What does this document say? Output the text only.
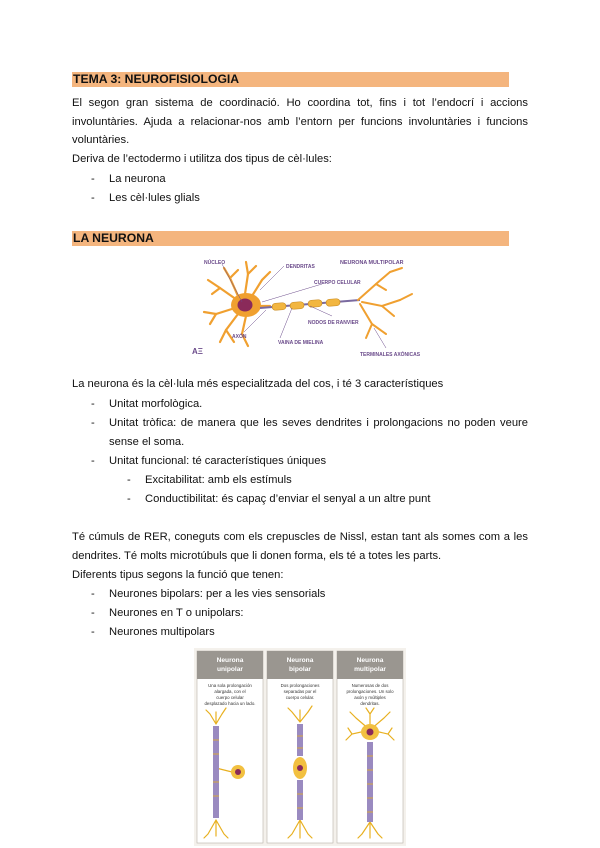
TEMA 3: NEUROFISIOLOGIA
El segon gran sistema de coordinació. Ho coordina tot, fins i tot l’endocrí i accions involuntàries. Ajuda a relacionar-nos amb l’entorn per funcions involuntàries i funcions voluntàries.
Deriva de l’ectodermo i utilitza dos tipus de cèl·lules:
- La neurona
- Les cèl·lules glials
LA NEURONA
NÚCLEO
DENDRITAS
NEURONA MULTIPOLAR
CUERPO CELULAR
NODOS DE RANVIER
AXÓN
VAINA DE MIELINA
TERMINALES AXÓNICAS
AΞ
La neurona és la cèl·lula més especialitzada del cos, i té 3 característiques
- Unitat morfològica.
- Unitat tròfica: de manera que les seves dendrites i prolongacions no poden veure
sense el soma.
- Unitat funcional: té característiques úniques
- Excitabilitat: amb els estímuls
- Conductibilitat: és capaç d’enviar el senyal a un altre punt
Té cúmuls de RER, coneguts com els crepuscles de Nissl, estan tant als somes com a les
dendrites. Té molts microtúbuls que li donen forma, els té a totes les parts.
Diferents tipus segons la funció que tenen:
- Neurones bipolars: per a les vies sensorials
- Neurones en T o unipolars:
- Neurones multipolars
Neurona
unipolar
Neurona
bipolar
Neurona
multipolar
Una sola prolongación
alargada, con el
cuerpo celular
desplazado hacia un lado.
Dos prolongaciones
separadas por el
cuerpo celular.
Numerosas de dos
prolongaciones. Un solo
axón y múltiples
dendritas.
